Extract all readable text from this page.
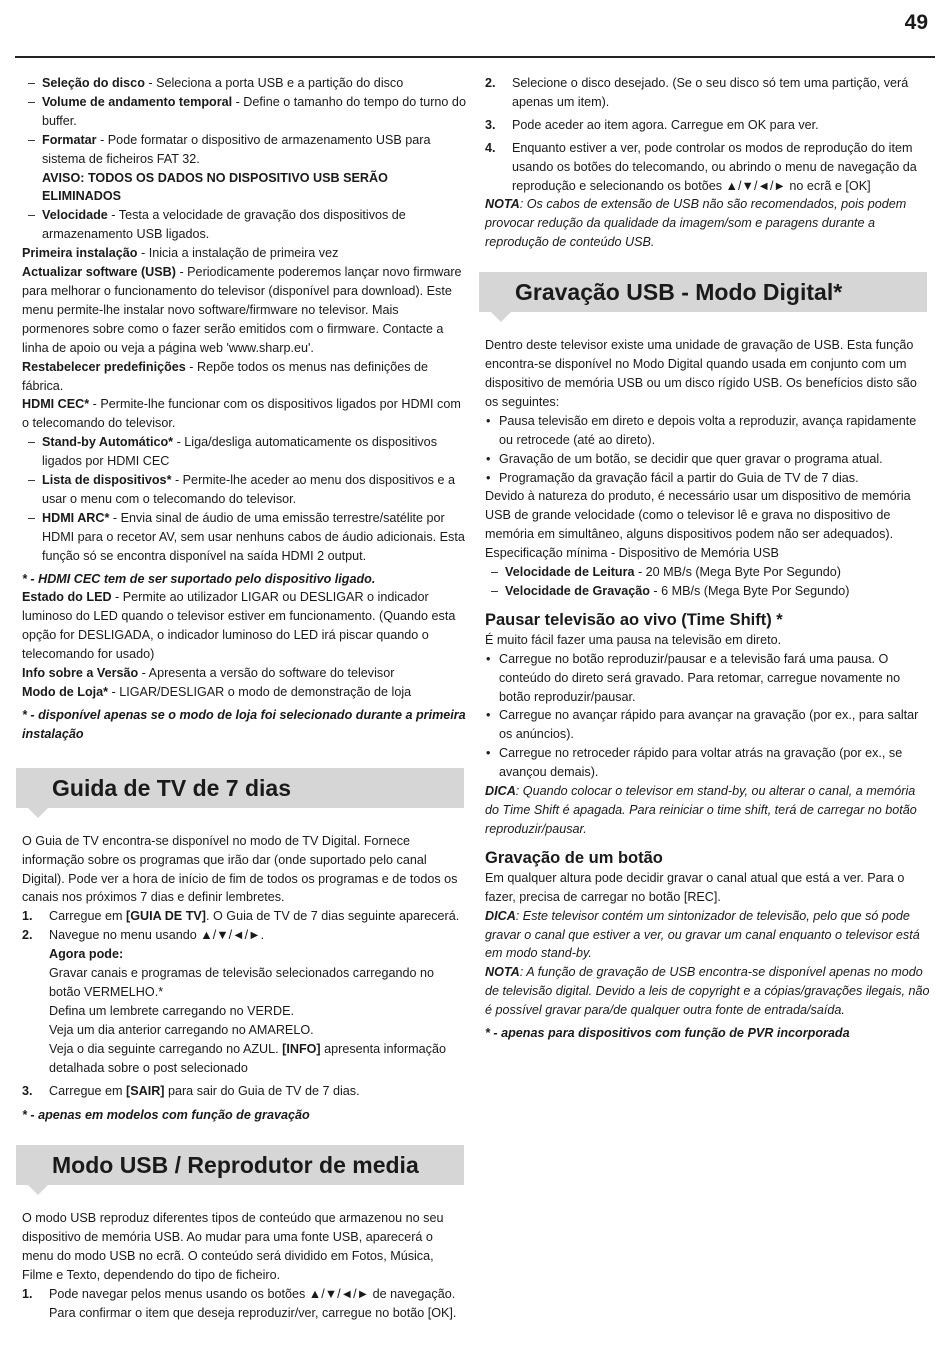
49

– Seleção do disco - Seleciona a porta USB e a partição do disco

– Volume de andamento temporal - Define o tamanho do tempo do turno do buffer.

– Formatar - Pode formatar o dispositivo de armazenamento USB para sistema de ficheiros FAT 32.
AVISO: TODOS OS DADOS NO DISPOSITIVO USB SERÃO ELIMINADOS

– Velocidade - Testa a velocidade de gravação dos dispositivos de armazenamento USB ligados.

Primeira instalação - Inicia a instalação de primeira vez

Actualizar software (USB) - Periodicamente poderemos lançar novo firmware para melhorar o funcionamento do televisor (disponível para download). Este menu permite-lhe instalar novo software/firmware no televisor. Mais pormenores sobre como o fazer serão emitidos com o firmware. Contacte a linha de apoio ou veja a página web 'www.sharp.eu'.

Restabelecer predefinições - Repõe todos os menus nas definições de fábrica.

HDMI CEC* - Permite-lhe funcionar com os dispositivos ligados por HDMI com o telecomando do televisor.

– Stand-by Automático* - Liga/desliga automaticamente os dispositivos ligados por HDMI CEC

– Lista de dispositivos* - Permite-lhe aceder ao menu dos dispositivos e a usar o menu com o telecomando do televisor.

– HDMI ARC* - Envia sinal de áudio de uma emissão terrestre/satélite por HDMI para o recetor AV, sem usar nenhuns cabos de áudio adicionais. Esta função só se encontra disponível na saída HDMI 2 output.

* - HDMI CEC tem de ser suportado pelo dispositivo ligado.

Estado do LED - Permite ao utilizador LIGAR ou DESLIGAR o indicador luminoso do LED quando o televisor estiver em funcionamento. (Quando esta opção for DESLIGADA, o indicador luminoso do LED irá piscar quando o telecomando for usado)

Info sobre a Versão - Apresenta a versão do software do televisor

Modo de Loja* - LIGAR/DESLIGAR o modo de demonstração de loja

* - disponível apenas se o modo de loja foi selecionado durante a primeira instalação

Guida de TV de 7 dias

O Guia de TV encontra-se disponível no modo de TV Digital. Fornece informação sobre os programas que irão dar (onde suportado pelo canal Digital). Pode ver a hora de início de fim de todos os programas e de todos os canais nos próximos 7 dias e definir lembretes.

1. Carregue em [GUIA DE TV]. O Guia de TV de 7 dias seguinte aparecerá.

2. Navegue no menu usando ▲/▼/◄/►.
Agora pode:
Gravar canais e programas de televisão selecionados carregando no botão VERMELHO.*
Defina um lembrete carregando no VERDE.
Veja um dia anterior carregando no AMARELO.
Veja o dia seguinte carregando no AZUL. [INFO] apresenta informação detalhada sobre o post selecionado

3. Carregue em [SAIR] para sair do Guia de TV de 7 dias.

* - apenas em modelos com função de gravação

Modo USB / Reprodutor de media

O modo USB reproduz diferentes tipos de conteúdo que armazenou no seu dispositivo de memória USB. Ao mudar para uma fonte USB, aparecerá o menu do modo USB no ecrã. O conteúdo será dividido em Fotos, Música, Filme e Texto, dependendo do tipo de ficheiro.

1. Pode navegar pelos menus usando os botões ▲/▼/◄/► de navegação. Para confirmar o item que deseja reproduzir/ver, carregue no botão [OK].

2. Selecione o disco desejado. (Se o seu disco só tem uma partição, verá apenas um item).

3. Pode aceder ao item agora. Carregue em OK para ver.

4. Enquanto estiver a ver, pode controlar os modos de reprodução do item usando os botões do telecomando, ou abrindo o menu de navegação da reprodução e selecionando os botões ▲/▼/◄/► no ecrã e [OK]

NOTA: Os cabos de extensão de USB não são recomendados, pois podem provocar redução da qualidade da imagem/som e paragens durante a reprodução de conteúdo USB.

Gravação USB - Modo Digital*

Dentro deste televisor existe uma unidade de gravação de USB. Esta função encontra-se disponível no Modo Digital quando usada em conjunto com um dispositivo de memória USB ou um disco rígido USB. Os benefícios disto são os seguintes:

• Pausa televisão em direto e depois volta a reproduzir, avança rapidamente ou retrocede (até ao direto).

• Gravação de um botão, se decidir que quer gravar o programa atual.

• Programação da gravação fácil a partir do Guia de TV de 7 dias.

Devido à natureza do produto, é necessário usar um dispositivo de memória USB de grande velocidade (como o televisor lê e grava no dispositivo de memória em simultâneo, alguns dispositivos podem não ser adequados).

Especificação mínima - Dispositivo de Memória USB

– Velocidade de Leitura - 20 MB/s (Mega Byte Por Segundo)

– Velocidade de Gravação - 6 MB/s (Mega Byte Por Segundo)

Pausar televisão ao vivo (Time Shift) *

É muito fácil fazer uma pausa na televisão em direto.

• Carregue no botão reproduzir/pausar e a televisão fará uma pausa. O conteúdo do direto será gravado. Para retomar, carregue novamente no botão reproduzir/pausar.

• Carregue no avançar rápido para avançar na gravação (por ex., para saltar os anúncios).

• Carregue no retroceder rápido para voltar atrás na gravação (por ex., se avançou demais).

DICA: Quando colocar o televisor em stand-by, ou alterar o canal, a memória do Time Shift é apagada. Para reiniciar o time shift, terá de carregar no botão reproduzir/pausar.

Gravação de um botão

Em qualquer altura pode decidir gravar o canal atual que está a ver. Para o fazer, precisa de carregar no botão [REC].

DICA: Este televisor contém um sintonizador de televisão, pelo que só pode gravar o canal que estiver a ver, ou gravar um canal enquanto o televisor está em modo stand-by.

NOTA: A função de gravação de USB encontra-se disponível apenas no modo de televisão digital. Devido a leis de copyright e a cópias/gravações ilegais, não é possível gravar para/de qualquer outra fonte de entrada/saída.

* - apenas para dispositivos com função de PVR incorporada
